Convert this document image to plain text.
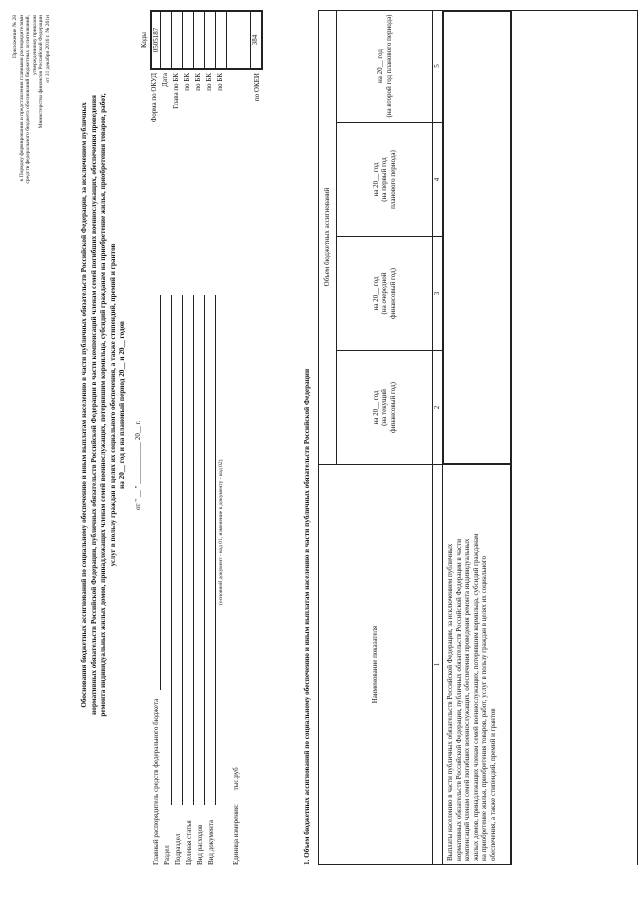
Приложение № 28 к Порядку формирования и представления главными распорядителями средств федерального бюджета обоснований бюджетных ассигнований, утвержденному приказом Министерства финансов Российской Федерации от 31 декабря 2016 г. № 261н
Обоснования бюджетных ассигнований по социальному обеспечению и иным выплатам населению в части публичных обязательств Российской Федерации, за исключением публичных нормативных обязательств Российской Федерации, публичных обязательств Российской Федерации в части компенсаций членам семей погибших военнослужащих, обеспечения проведения ремонта индивидуальных жилых домов, принадлежащих членам семей военнослужащих, потерявшим кормильца, субсидий гражданам на приобретение жилья, приобретения товаров, работ, услуг в пользу граждан в целях их социального обеспечения, а также стипендий, премий и грантов на 20__ год и на плановый период 20__ и 20__ годов от " __ " ____________ 20__ г.
Главный распорядитель средств федерального бюджета Раздел Подраздел Целевая статья Вид расходов Вид документа
(основной документ - код 01, изменение к документу - код 02)
Единица измерения: тыс.руб
Коды
Форма по ОКУД
0505187
Дата Глава по БК по БК по БК по БК по БК	по ОКЕИ
384
1. Объем бюджетных ассигнований по социальному обеспечению и иным выплатам населению в части публичных обязательств Российской Федерации	Наименование показателя
Объем бюджетных ассигнований
на 20__ год (на текущий финансовый год)
на 20__ год (на очередной финансовый год)
на 20__ год (на первый год планового периода)
на 20__ год (на второй год планового периода)
1
2
3
4
5
Выплаты населению в части публичных обязательств Российской Федерации, за исключением публичных нормативных обязательств Российской Федерации, публичных обязательств Российской Федерации в части компенсаций членам семей погибших военнослужащих, обеспечения проведения ремонта индивидуальных жилых домов, принадлежащих членам семей военнослужащих, потерявшим кормильца, субсидий гражданам на приобретение жилья, приобретения товаров, работ, услуг в пользу граждан в целях их социального обеспечения, а также стипендий, премий и грантов
